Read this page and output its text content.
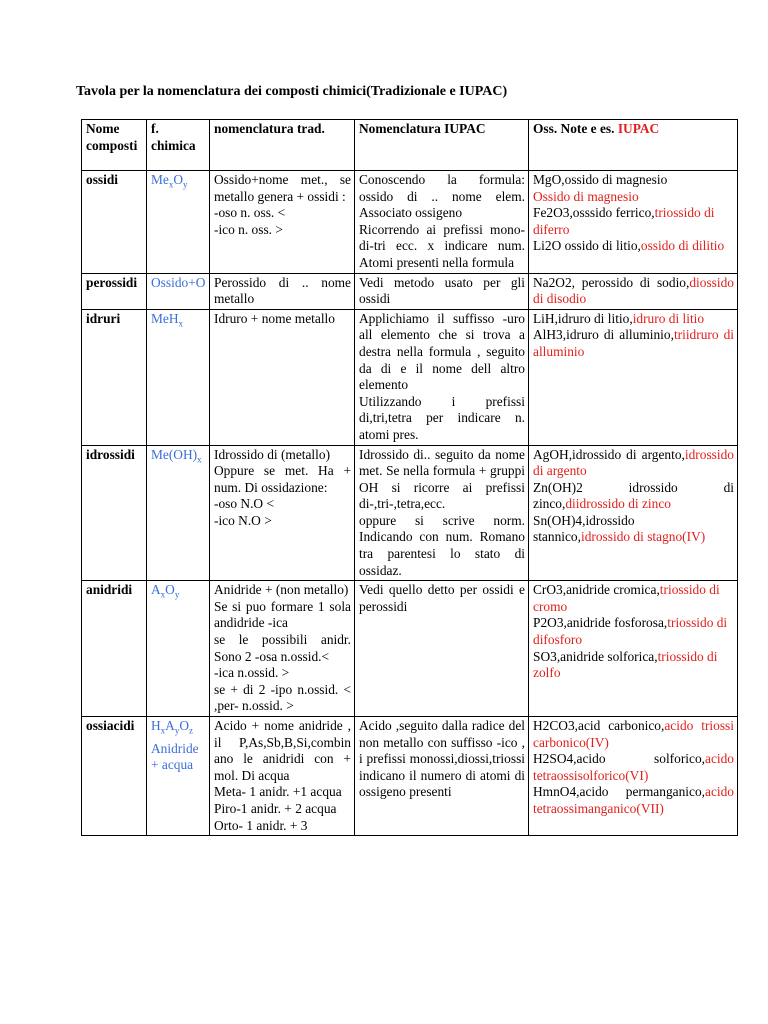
Tavola per la nomenclatura dei composti chimici(Tradizionale e IUPAC)

Nome composti	f. chimica	nomenclatura trad.	Nomenclatura IUPAC	Oss. Note e es. IUPAC
ossidi	$Me_xO_y$	Ossido+nome met., se metallo genera + ossidi :
-oso n. oss. <
-ico n. oss. >	Conoscendo la formula: ossido di .. nome elem. Associato ossigeno
Ricorrendo ai prefissi mono- di-tri ecc. x indicare num. Atomi presenti nella formula	MgO,ossido di magnesio
Ossido di magnesio
Fe2O3,osssido ferrico,triossido di diferro
Li2O ossido di litio,ossido di dilitio

perossidi	Ossido+O	Perossido di .. nome metallo	Vedi metodo usato per gli ossidi	Na2O2, perossido di sodio,diossido di disodio

idruri	MeH$_x$	Idruro + nome metallo	Applichiamo il suffisso -uro all elemento che si trova a destra nella formula , seguito da di e il nome dell altro elemento
Utilizzando i prefissi di,tri,tetra per indicare n. atomi pres.	LiH,idruro di litio,idruro di litio
AlH3,idruro di alluminio,triidruro di alluminio

idrossidi	$Me(OH)_x$	Idrossido di (metallo)
Oppure se met. Ha + num. Di ossidazione:
-oso N.O <
-ico N.O >	Idrossido di.. seguito da nome met. Se nella formula + gruppi OH si ricorre ai prefissi di-,tri-,tetra,ecc.
oppure si scrive norm. Indicando con num. Romano tra parentesi lo stato di ossidaz.	AgOH,idrossido di argento,idrossido di argento
Zn(OH)2 idrossido di zinco,diidrossido di zinco
Sn(OH)4,idrossido stannico,idrossido di stagno(IV)

anidridi	$A_xO_y$	Anidride + (non metallo)
Se si puo formare 1 sola andidride -ica
se le possibili anidr. Sono 2 -osa n.ossid.<
-ica n.ossid. >
se + di 2 -ipo n.ossid. < ,per- n.ossid. >	Vedi quello detto per ossidi e perossidi	CrO3,anidride cromica,triossido di cromo
P2O3,anidride fosforosa,triossido di difosforo
SO3,anidride solforica,triossido di zolfo

ossiacidi	$H_xA_yO_z$
Anidride + acqua	Acido + nome anidride , il P,As,Sb,B,Si,combin ano le anidridi con + mol. Di acqua
Meta- 1 anidr. +1 acqua
Piro-1 anidr. + 2 acqua
Orto- 1 anidr. + 3	Acido ,seguito dalla radice del non metallo con suffisso -ico , i prefissi monossi,diossi,triossi indicano il numero di atomi di ossigeno presenti	H2CO3,acid carbonico,acido triossi carbonico(IV)
H2SO4,acido solforico,acido tetraossisolforico(VI)
HmnO4,acido permanganico,acido tetraossimanganico(VII)
